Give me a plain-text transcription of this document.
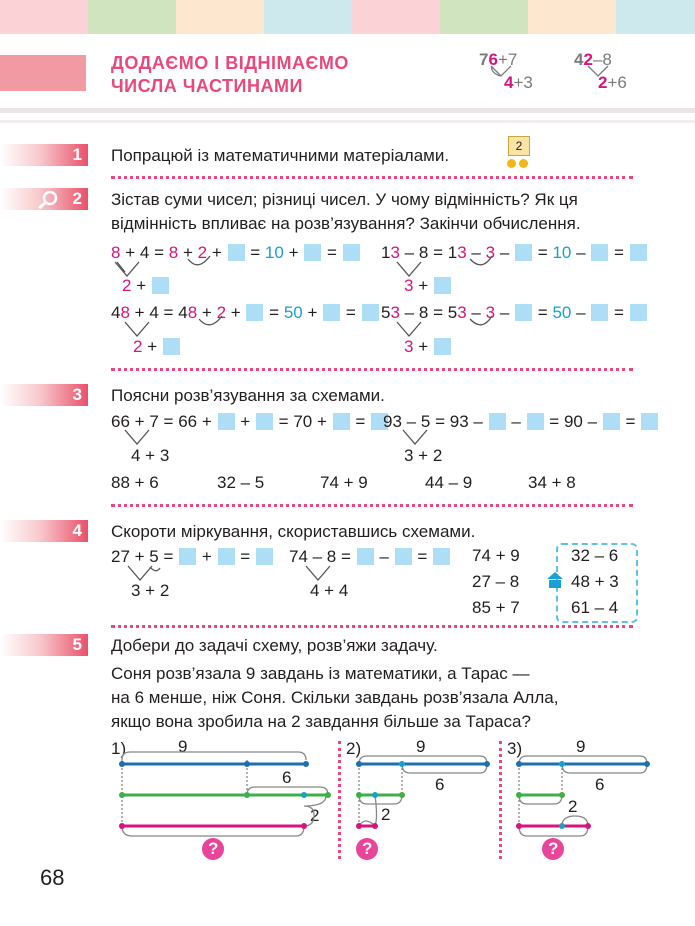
ДОДАЄМО І ВІДНІМАЄМО
ЧИСЛА ЧАСТИНАМИ
76+7
4+3
42–8
2+6
1 Попрацюй із математичними матеріалами.	2
2 Зістав суми чисел; різниці чисел. У чому відмінність? Як ця
відмінність впливає на розв’язування? Закінчи обчислення.
8 + 4 = 8 + 2 + = 10 + =
2 +
13 – 8 = 13 – 3 – = 10 – =
3 +
48 + 4 = 48 + 2 + = 50 + =
2 +
53 – 8 = 53 – 3 – = 50 – =
3 +
3 Поясни розв’язування за схемами.
66 + 7 = 66 + + = 70 + =
4 + 3
93 – 5 = 93 – – = 90 – =
3 + 2
88 + 6	32 – 5	74 + 9	44 – 9	34 + 8
4 Скороти міркування, скориставшись схемами.
27 + 5 = + =
3 + 2
74 – 8 = – =
4 + 4
74 + 9
27 – 8
85 + 7
32 – 6
48 + 3
61 – 4
5 Добери до задачі схему, розв’яжи задачу.
Соня розв’язала 9 завдань із математики, а Тарас —
на 6 менше, ніж Соня. Скільки завдань розв’язала Алла,
якщо вона зробила на 2 завдання більше за Тараса?
1)	9
6
2
2)	9
6
2
3)	9
6
2
?	?	?
68
